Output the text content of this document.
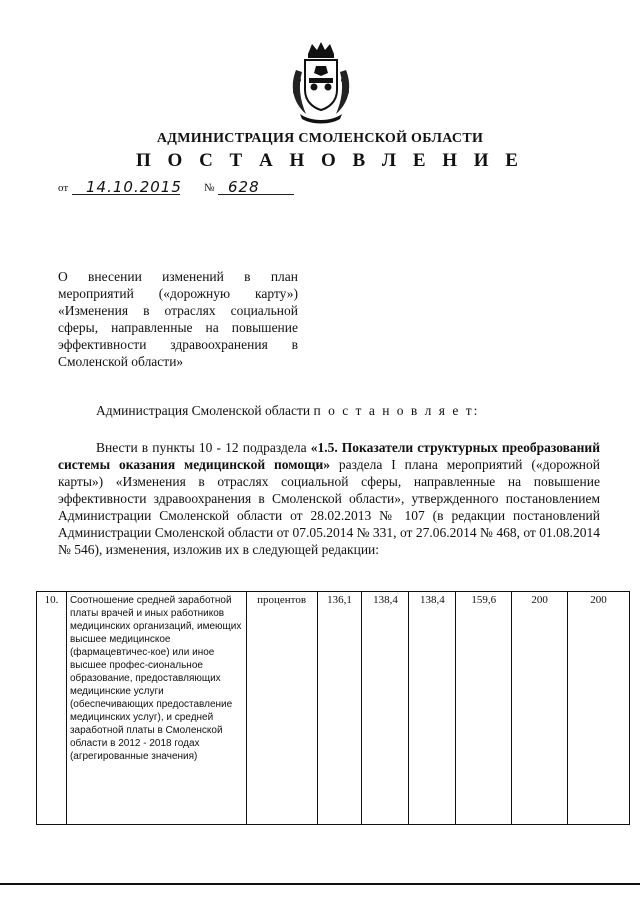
АДМИНИСТРАЦИЯ СМОЛЕНСКОЙ ОБЛАСТИ
П О С Т А Н О В Л Е Н И Е
от 14.10.2015 № 628
О внесении изменений в план мероприятий («дорожную карту») «Изменения в отраслях социальной сферы, направленные на повышение эффективности здравоохранения в Смоленской области»
Администрация Смоленской области п о с т а н о в л я е т:
Внести в пункты 10 - 12 подраздела «1.5. Показатели структурных преобразований системы оказания медицинской помощи» раздела I плана мероприятий («дорожной карты») «Изменения в отраслях социальной сферы, направленные на повышение эффективности здравоохранения в Смоленской области», утвержденного постановлением Администрации Смоленской области от 28.02.2013 № 107 (в редакции постановлений Администрации Смоленской области от 07.05.2014 № 331, от 27.06.2014 № 468, от 01.08.2014 № 546), изменения, изложив их в следующей редакции:
10.	Соотношение средней заработной платы врачей и иных работников медицинских организаций, имеющих высшее медицинское (фармацевтичес-кое) или иное высшее профес-сиональное образование, предоставляющих медицинские услуги (обеспечивающих предоставление медицинских услуг), и средней заработной платы в Смоленской области в 2012 - 2018 годах (агрегированные значения)	процентов	136,1	138,4	138,4	159,6	200	200
